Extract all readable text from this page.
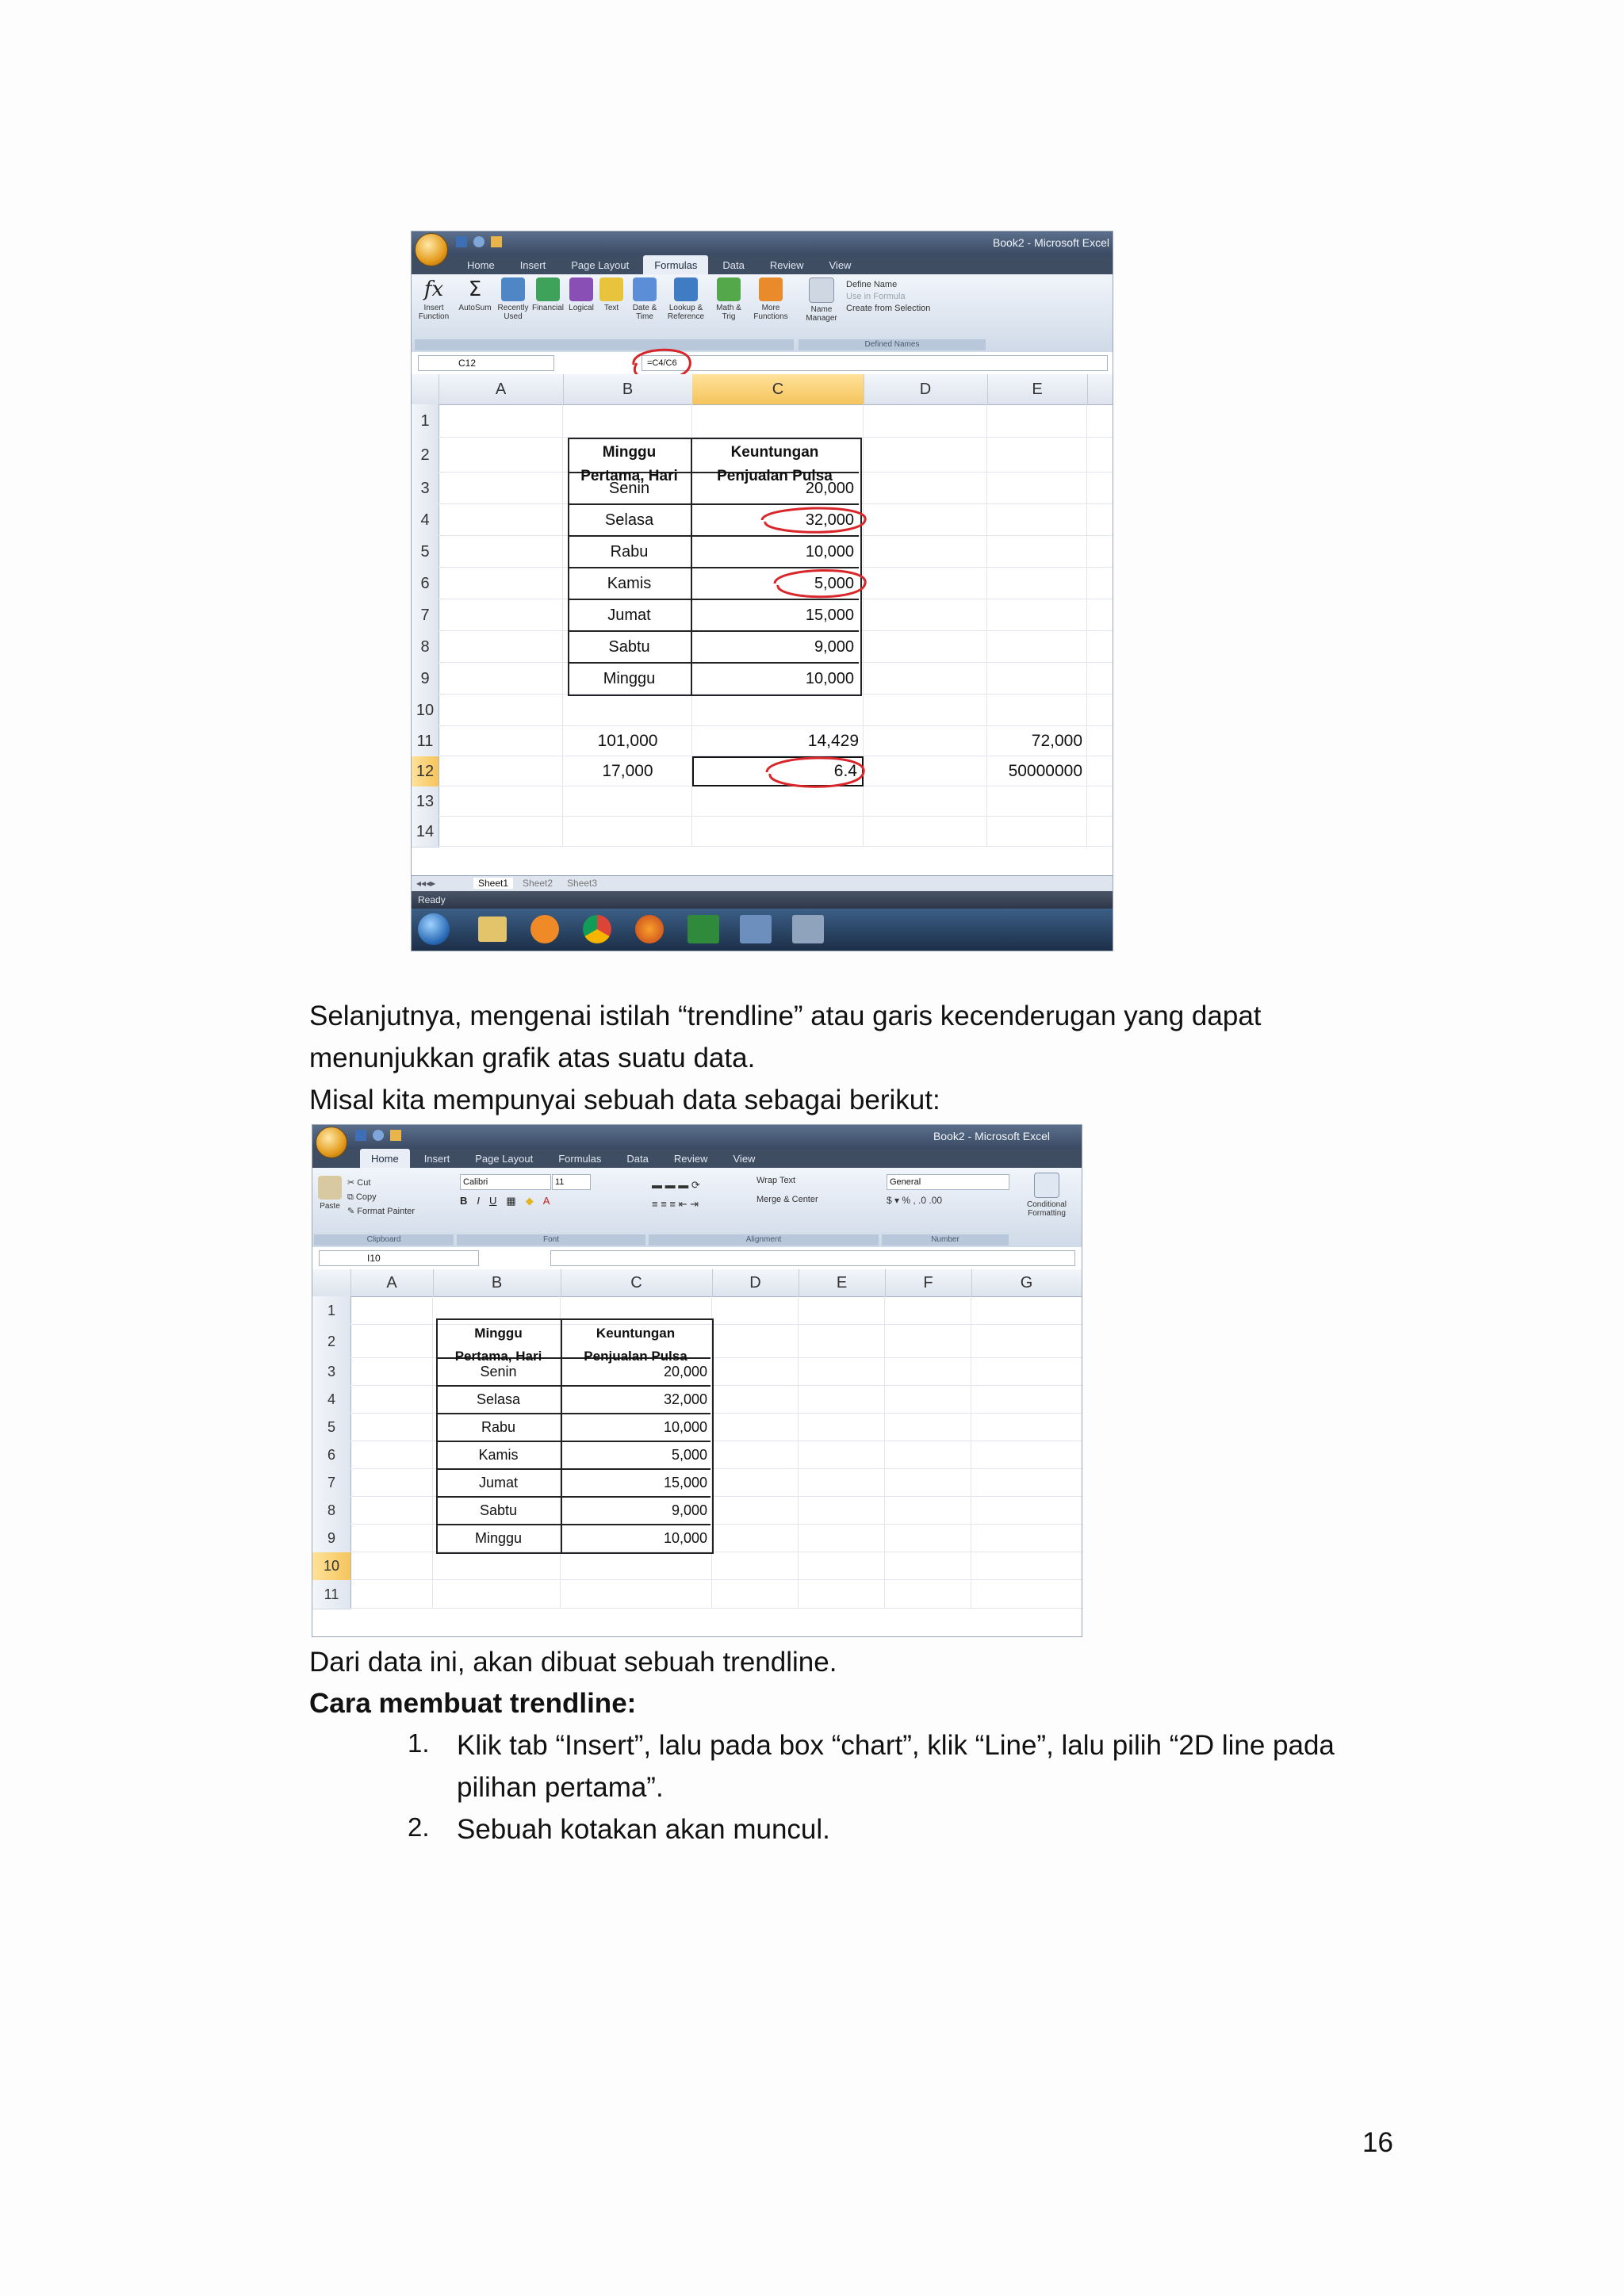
Book2 - Microsoft Excel
Home	Insert	Page Layout	Formulas	Data	Review	View
fx
Insert Function
Σ
AutoSum Recently Used
Financial Logical Text	Date & Time
Lookup & Reference
Math & Trig
More Functions
Name Manager
Define Name
Use in Formula
Create from Selection
Defined Names
C12	=C4/C6
A	B	C	D	E
1
2
3
4
5
6
7
8
9
10
11
12
13
14
Minggu
Pertama, Hari
Keuntungan
Penjualan Pulsa
Senin	20,000
Selasa	32,000
Rabu	10,000
Kamis	5,000
Jumat	15,000
Sabtu	9,000
Minggu	10,000
101,000	14,429	72,000
17,000	6.4	50000000
◂◂◂▸	Sheet1	Sheet2 Sheet3
Ready
Selanjutnya, mengenai istilah “trendline” atau garis kecenderugan yang dapat
menunjukkan grafik atas suatu data.
Misal kita mempunyai sebuah data sebagai berikut:
Book2 - Microsoft Excel
Home	Insert	Page Layout	Formulas	Data	Review	View
Paste
✂ Cut
⧉ Copy
✎ Format Painter
Calibri	11
B I U ▦ ◆ A
Wrap Text
Merge & Center
▬ ▬ ▬ ⟳
≡ ≡ ≡ ⇤ ⇥
General
$ ▾ % , .0 .00	Conditional Formatting
Clipboard	Font	Alignment	Number
I10
A	B	C	D	E	F	G
1
2
3
4
5
6
7
8
9
10
11
Minggu
Pertama, Hari
Keuntungan
Penjualan Pulsa
Senin	20,000
Selasa	32,000
Rabu	10,000
Kamis	5,000
Jumat	15,000
Sabtu	9,000
Minggu	10,000
Dari data ini, akan dibuat sebuah trendline.
Cara membuat trendline:
1. Klik tab “Insert”, lalu pada box “chart”, klik “Line”, lalu pilih “2D line pada
pilihan pertama”.
2. Sebuah kotakan akan muncul.
16
